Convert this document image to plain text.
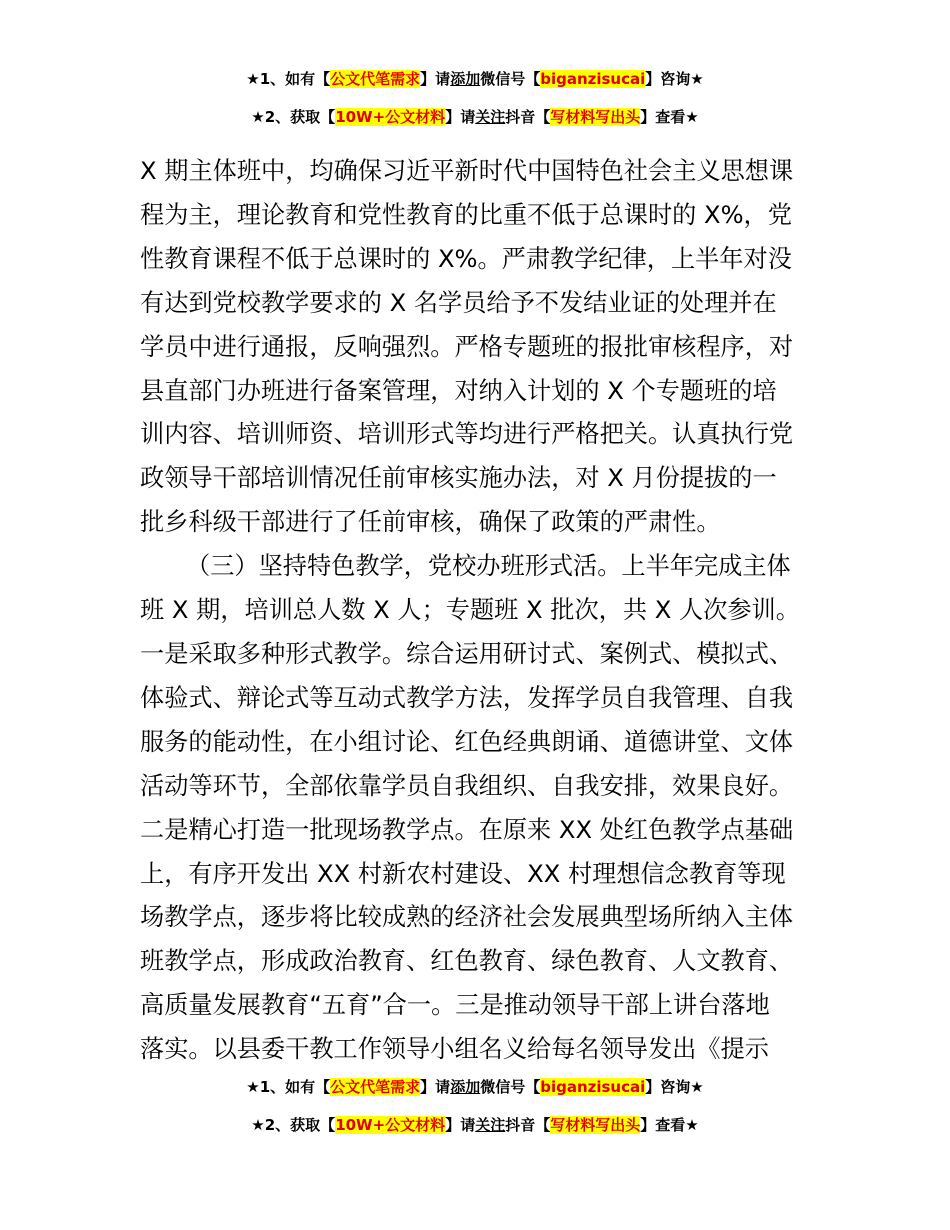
★1、如有【公文代笔需求】请添加微信号【biganzisucai】咨询★
★2、获取【10W+公文材料】请关注抖音【写材料写出头】查看★

X 期主体班中，均确保习近平新时代中国特色社会主义思想课
程为主，理论教育和党性教育的比重不低于总课时的 X%，党
性教育课程不低于总课时的 X%。严肃教学纪律，上半年对没
有达到党校教学要求的 X 名学员给予不发结业证的处理并在
学员中进行通报，反响强烈。严格专题班的报批审核程序，对
县直部门办班进行备案管理，对纳入计划的 X 个专题班的培
训内容、培训师资、培训形式等均进行严格把关。认真执行党
政领导干部培训情况任前审核实施办法，对 X 月份提拔的一
批乡科级干部进行了任前审核，确保了政策的严肃性。

（三）坚持特色教学，党校办班形式活。上半年完成主体
班 X 期，培训总人数 X 人；专题班 X 批次，共 X 人次参训。
一是采取多种形式教学。综合运用研讨式、案例式、模拟式、
体验式、辩论式等互动式教学方法，发挥学员自我管理、自我
服务的能动性，在小组讨论、红色经典朗诵、道德讲堂、文体
活动等环节，全部依靠学员自我组织、自我安排，效果良好。
二是精心打造一批现场教学点。在原来 XX 处红色教学点基础
上，有序开发出 XX 村新农村建设、XX 村理想信念教育等现
场教学点，逐步将比较成熟的经济社会发展典型场所纳入主体
班教学点，形成政治教育、红色教育、绿色教育、人文教育、
高质量发展教育“五育”合一。三是推动领导干部上讲台落地
落实。以县委干教工作领导小组名义给每名领导发出《提示

★1、如有【公文代笔需求】请添加微信号【biganzisucai】咨询★
★2、获取【10W+公文材料】请关注抖音【写材料写出头】查看★
